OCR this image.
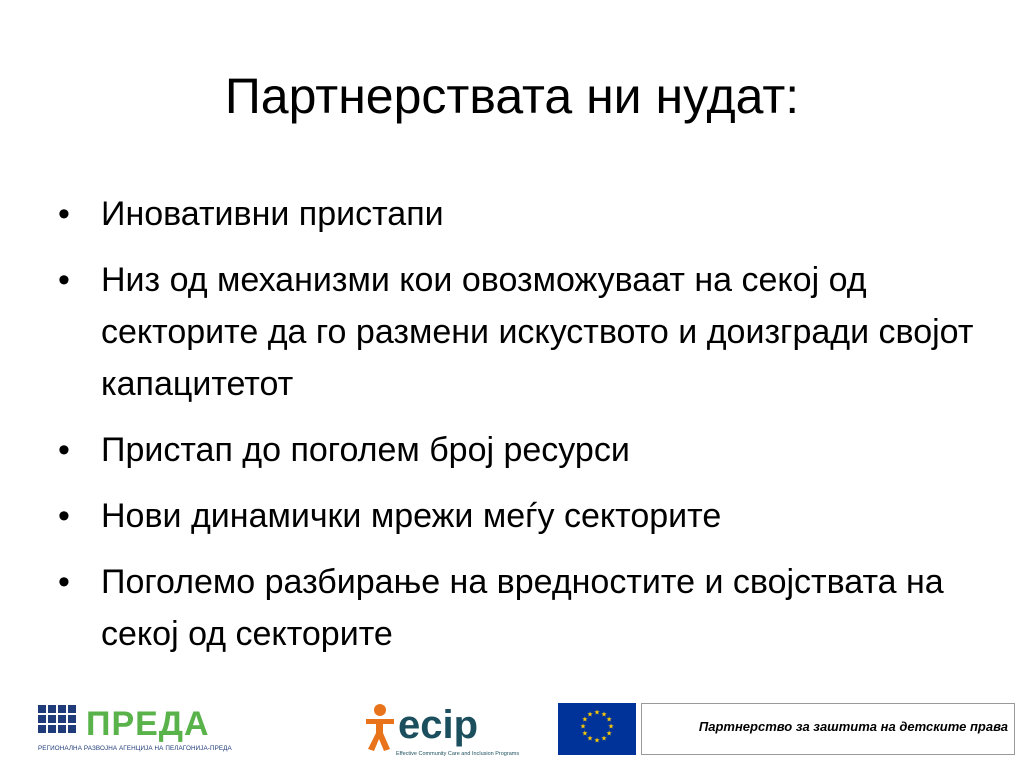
Партнерствата ни нудат:
• Иновативни пристапи
• Низ од механизми кои овозможуваат на секој од секторите да го размени искуството и доизгради својот капацитетот
• Пристап до поголем број ресурси
• Нови динамички мрежи меѓу секторите
• Поголемо разбирање на вредностите и својствата на секој од секторите
ПРЕДА
РЕГИОНАЛНА РАЗВОЈНА АГЕНЦИЈА НА ПЕЛАГОНИЈА-ПРЕДА
ecip
Effective Community Care and Inclusion Programs
★ ★
★
★
★
★
★
★
★
★
★
★
Партнерство за заштита на детските права
